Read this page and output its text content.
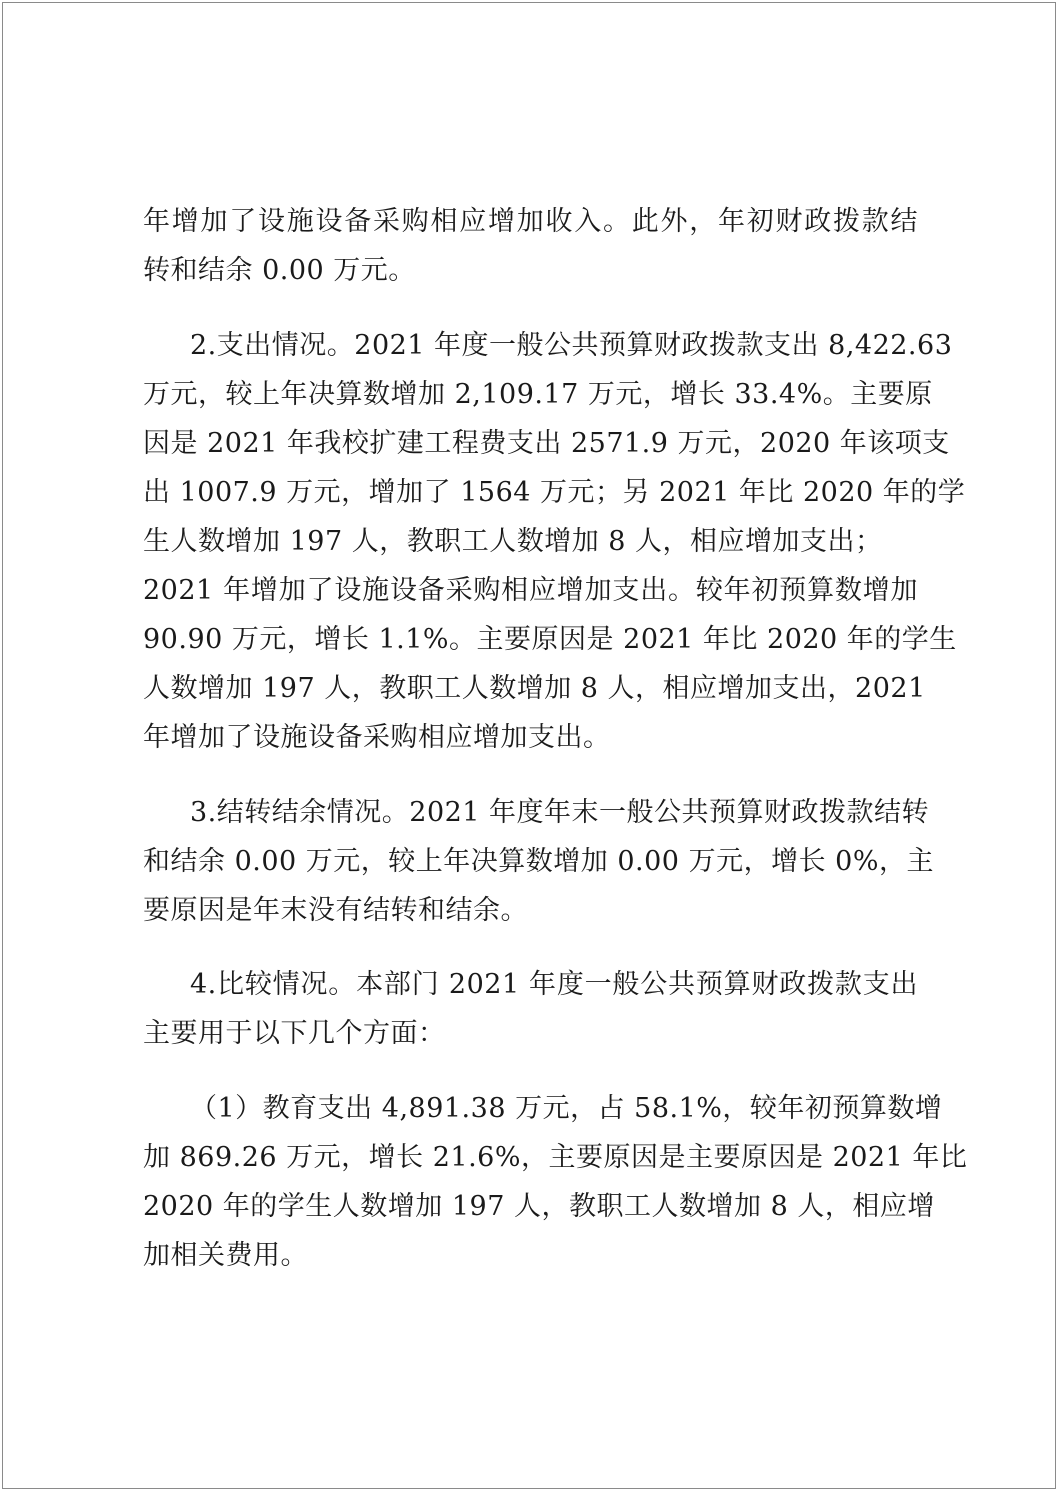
年增加了设施设备采购相应增加收入。此外，年初财政拨款结
转和结余 0.00 万元。
2.支出情况。2021 年度一般公共预算财政拨款支出 8,422.63
万元，较上年决算数增加 2,109.17 万元，增长 33.4%。主要原
因是 2021 年我校扩建工程费支出 2571.9 万元，2020 年该项支
出 1007.9 万元，增加了 1564 万元；另 2021 年比 2020 年的学
生人数增加 197 人，教职工人数增加 8 人，相应增加支出；
2021 年增加了设施设备采购相应增加支出。较年初预算数增加
90.90 万元，增长 1.1%。主要原因是 2021 年比 2020 年的学生
人数增加 197 人，教职工人数增加 8 人，相应增加支出，2021
年增加了设施设备采购相应增加支出。
3.结转结余情况。2021 年度年末一般公共预算财政拨款结转
和结余 0.00 万元，较上年决算数增加 0.00 万元，增长 0%，主
要原因是年末没有结转和结余。
4.比较情况。本部门 2021 年度一般公共预算财政拨款支出
主要用于以下几个方面：
（1）教育支出 4,891.38 万元，占 58.1%，较年初预算数增
加 869.26 万元，增长 21.6%，主要原因是主要原因是 2021 年比
2020 年的学生人数增加 197 人，教职工人数增加 8 人，相应增
加相关费用。
